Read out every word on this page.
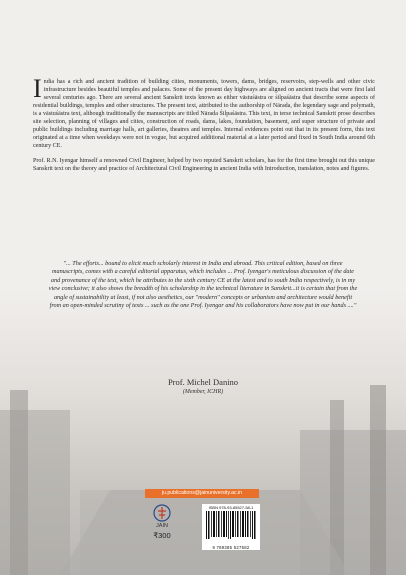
India has a rich and ancient tradition of building cities, monuments, towers, dams, bridges, reservoirs, step-wells and other civic infrastructure besides beautiful temples and palaces. Some of the present day highways are aligned on ancient tracts that were first laid several centuries ago. There are several ancient Sanskrit texts known as either vāstuśāstra or śilpaśāstra that describe some aspects of residential buildings, temples and other structures. The present text, attributed to the authorship of Nārada, the legendary sage and polymath, is a vāstuśāstra text, although traditionally the manuscripts are titled Nārada Śilpaśāstra. This text, in terse technical Sanskrit prose describes site selection, planning of villages and cities, construction of roads, dams, lakes, foundation, basement, and super structure of private and public buildings including marriage halls, art galleries, theatres and temples. Internal evidences point out that in its present form, this text originated at a time when weekdays were not in vogue, but acquired additional material at a later period and fixed in South India around 6th century CE.

Prof. R.N. Iyengar himself a renowned Civil Engineer, helped by two reputed Sanskrit scholars, has for the first time brought out this unique Sanskrit text on the theory and practice of Architectural Civil Engineering in ancient India with Introduction, translation, notes and figures.

"... The efforts... bound to elicit much scholarly interest in India and abroad. This critical edition, based on three manuscripts, comes with a careful editorial apparatus, which includes ... Prof. Iyengar's meticulous discussion of the date and provenance of the text, which he attributes to the sixth century CE at the latest and to south India respectively, is in my view conclusive; it also shows the breadth of his scholarship in the technical literature in Sanskrit...it is certain that from the angle of sustainability at least, if not also aesthetics, our "modern" concepts or urbanism and architecture would benefit from an open-minded scrutiny of texts ... such as the one Prof. Iyengar and his collaborators have now put in our hands ...."
Prof. Michel Danino
(Member, ICHR)
ju.publications@jainuniversity.ac.in
JAIN
₹300
ISBN 978-93-85527-58-1
9 789385 527582
